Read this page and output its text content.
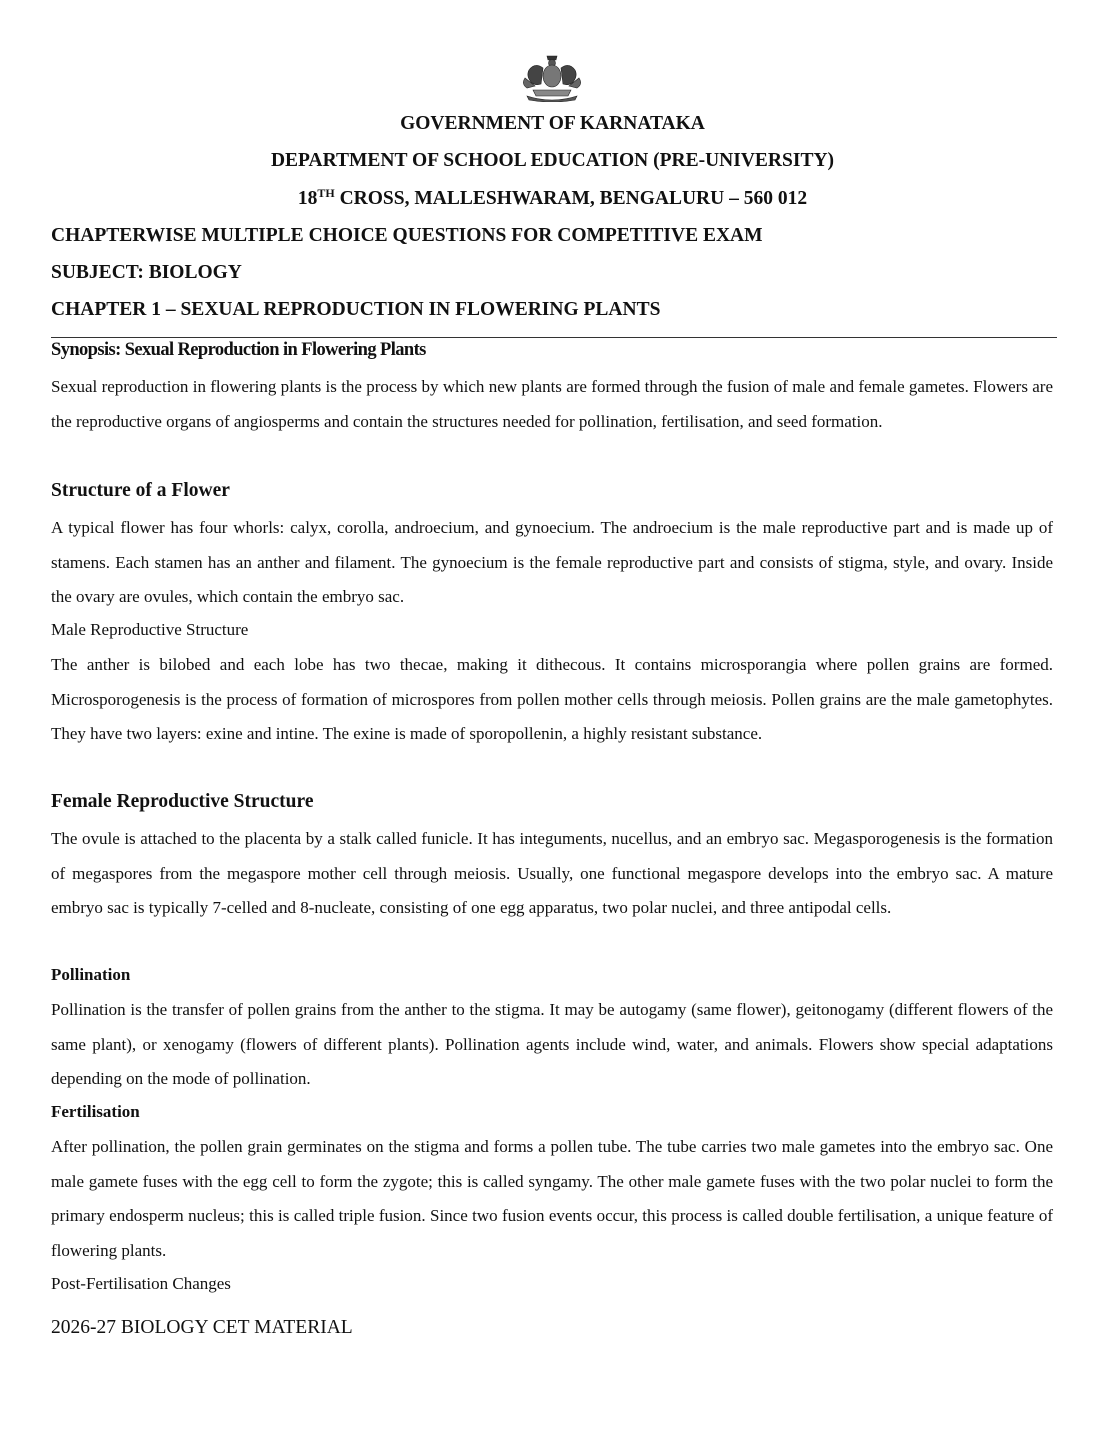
GOVERNMENT OF KARNATAKA
DEPARTMENT OF SCHOOL EDUCATION (PRE-UNIVERSITY)
18TH CROSS, MALLESHWARAM, BENGALURU – 560 012
CHAPTERWISE MULTIPLE CHOICE QUESTIONS FOR COMPETITIVE EXAM
SUBJECT: BIOLOGY
CHAPTER 1 – SEXUAL REPRODUCTION IN FLOWERING PLANTS
Synopsis: Sexual Reproduction in Flowering Plants
Sexual reproduction in flowering plants is the process by which new plants are formed through the fusion of male and female gametes. Flowers are the reproductive organs of angiosperms and contain the structures needed for pollination, fertilisation, and seed formation.
Structure of a Flower
A typical flower has four whorls: calyx, corolla, androecium, and gynoecium. The androecium is the male reproductive part and is made up of stamens. Each stamen has an anther and filament. The gynoecium is the female reproductive part and consists of stigma, style, and ovary. Inside the ovary are ovules, which contain the embryo sac.
Male Reproductive Structure
The anther is bilobed and each lobe has two thecae, making it dithecous. It contains microsporangia where pollen grains are formed. Microsporogenesis is the process of formation of microspores from pollen mother cells through meiosis. Pollen grains are the male gametophytes. They have two layers: exine and intine. The exine is made of sporopollenin, a highly resistant substance.
Female Reproductive Structure
The ovule is attached to the placenta by a stalk called funicle. It has integuments, nucellus, and an embryo sac. Megasporogenesis is the formation of megaspores from the megaspore mother cell through meiosis. Usually, one functional megaspore develops into the embryo sac. A mature embryo sac is typically 7-celled and 8-nucleate, consisting of one egg apparatus, two polar nuclei, and three antipodal cells.
Pollination
Pollination is the transfer of pollen grains from the anther to the stigma. It may be autogamy (same flower), geitonogamy (different flowers of the same plant), or xenogamy (flowers of different plants). Pollination agents include wind, water, and animals. Flowers show special adaptations depending on the mode of pollination.
Fertilisation
After pollination, the pollen grain germinates on the stigma and forms a pollen tube. The tube carries two male gametes into the embryo sac. One male gamete fuses with the egg cell to form the zygote; this is called syngamy. The other male gamete fuses with the two polar nuclei to form the primary endosperm nucleus; this is called triple fusion. Since two fusion events occur, this process is called double fertilisation, a unique feature of flowering plants.
Post-Fertilisation Changes
2026-27 BIOLOGY CET MATERIAL
